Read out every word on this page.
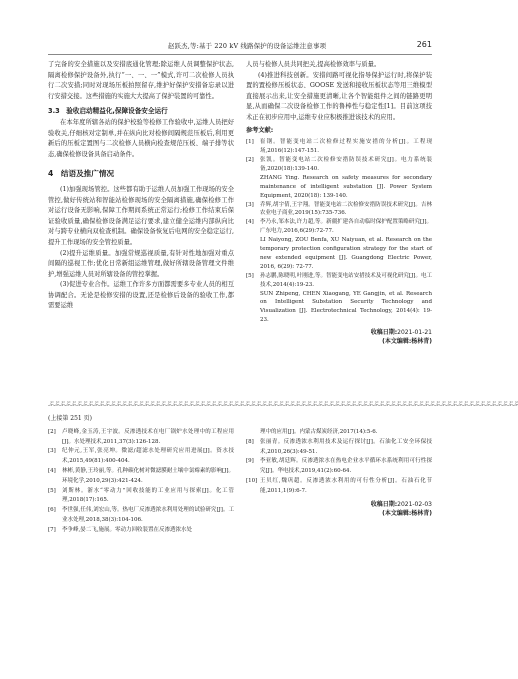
赵跃杰,等:基于 220 kV 线路保护的设备运维注意事项	261

了完备的安全措施以及安措底通化管理;除运维人员调整保护状态,隔离检修保护设备外,执行“一、一、一”模式,许可二次检修人员执行二次安措;同时对现场压板拍照留存,维护好保护安措备忘录以进行安措交接。这些措施的实施大大提高了保护装置的可靠性。

3.3　验收启动精益化,保障设备安全运行

在本年度所辖各站的保护校验等检修工作验收中,运维人员把好验收关,仔细核对定制单,并在纵向比对检修间隔规范压板后,利用更新后的压板定置图与二次检修人员横向检查规范压板、端子排等状态,确保检修设备具备启动条件。

4　结语及推广情况

(1)加强现场管控。这些都有助于运维人员加强工作现场的安全管控,做好传统站和智能站检修现场的安全隔离措施,确保检修工作对运行设备无影响,保障工作期间系统正常运行;检修工作结束后保证验收质量,确保检修设备满足运行要求,建立健全运维内部纵向比对与跨专业横向双检查机制。确保设备恢复后电网的安全稳定运行,提升工作现场的安全管控质量。

(2)提升运维质量。加强常规巡视质量,有针对性地加强对重点间隔的巡视工作;优化日常新组运维管理,做好所辖设备管理文件维护,增强运维人员对所辖设备的管控掌握。

(3)促进专业合作。运维工作许多方面都需要多专业人员的相互协调配合。无论是检修安措的设置,还是检修后设备的验收工作,都需要运维

人员与检修人员共同把关,提高检修效率与质量。

(4)推进科技创新。安措间路可视化指导保护运行时,将保护装置的置检修压板状态、GOOSE 发送和接收压板状态等用三维模型直接展示出来,让安全措施更清晰,让各个智能组件之间的链路更明显,从而确保二次设备检修工作的鲁棒性与稳定性[1]。目前这项技术正在初步应用中,运维专业应积极推进该技术的应用。

参考文献:
[1]	崔钢。智能变电站二次检修过程实施安措的分析[J]。工程现场,2016(12):147-151.
[2]	张凯。智能变电站二次检修安措防误技术研究[J]。电力系统装备,2020(18):139-140.
ZHANG Ying. Research on safety measures for secondary maintenance of intelligent substation [J]. Power System Equipment, 2020(18): 139-140.
[3]	乔辉,胡宇倩,王宇翔。智能变电站二次检修安措防误技术研究[J]。吉林农业电子商业,2019(15):735-736.
[4]	李乃永,邹本法,许力超,等。新疆扩建各自动临时保护配置策略研究[J]。广东电力,2016,6(29):72-77.
LI Naiyong, ZOU Benfa, XU Naiyuan, et al. Research on the temporary protection configuration strategy for the start of new extended equipment [J]. Guangdong Electric Power, 2016, 6(29): 72-77.
[5]	孙志鹏,陈晓明,叶刚进,等。智能变电站安措技术及可视化研究[J]。电工技术,2014(4):19-23.
SUN Zhipeng, CHEN Xiaogang, YE Gangjin, et al. Research on Intelligent Substation Security Technology and Visualization [J]. Electrotechnical Technology, 2014(4): 19-23.
收稿日期:2021-01-21
(本文编辑:杨林青)
ぷぷぷぷぷぷぷぷぷぷぷぷぷぷぷぷぷぷぷぷぷぷぷぷぷぷぷぷぷぷぷぷぷぷぷぷぷぷぷぷぷぷぷぷぷぷぷぷぷぷぷぷぷぷぷぷぷぷぷぷぷぷぷぷぷぷぷぷぷぷぷぷぷぷぷぷぷぷぷぷぷぷぷぷ
(上接第 251 页)
[2]	卢晓峰,金玉涛,王宇波。反渗透技术在电厂锅炉水处理中的工程应用[J]。水处理技术,2011,37(3):126-128.
[3]	纪仲元,王军,张亮坤。微滤/超滤水处理研究应用进展[J]。资水技术,2015,49(81):400-404.
[4]	林彬,黄静,王玲丽,等。孔种碳化树对微滤膜耐土壤中氯霉素的影响[J]。环境化学,2010,29(3):421-424.
[5]	刘斯林。浙水“零动力”回收技能的工业应用与探索[J]。化工管理,2018(17):165.
[6]	李世强,任伟,刘宏山,等。热电厂反渗透浓水利用处理的试验研究[J]。工业水处理,2018,38(3):104-106.
[7]	李争峰,晏二飞,施展。零动力回收装置在反渗透浓水处
理中的应用[J]。内蒙古煤炭经济,2017(14):5-6.
[8]	张丽青。反渗透浓水利用技术及运行探讨[J]。石油化工安全环保技术,2010,26(3):49-51.
[9]	李亚敏,胡廷辉。反渗透浓水在热电企业水平循环水系统利用可行性探究[J]。华电技术,2019,41(2):60-64.
[10] 王贝红,魏巩超。反渗透浓水利用的可行性分析[J]。石油石化节能,2011,1(9):6-7.
收稿日期:2021-02-03
(本文编辑:杨林青)
